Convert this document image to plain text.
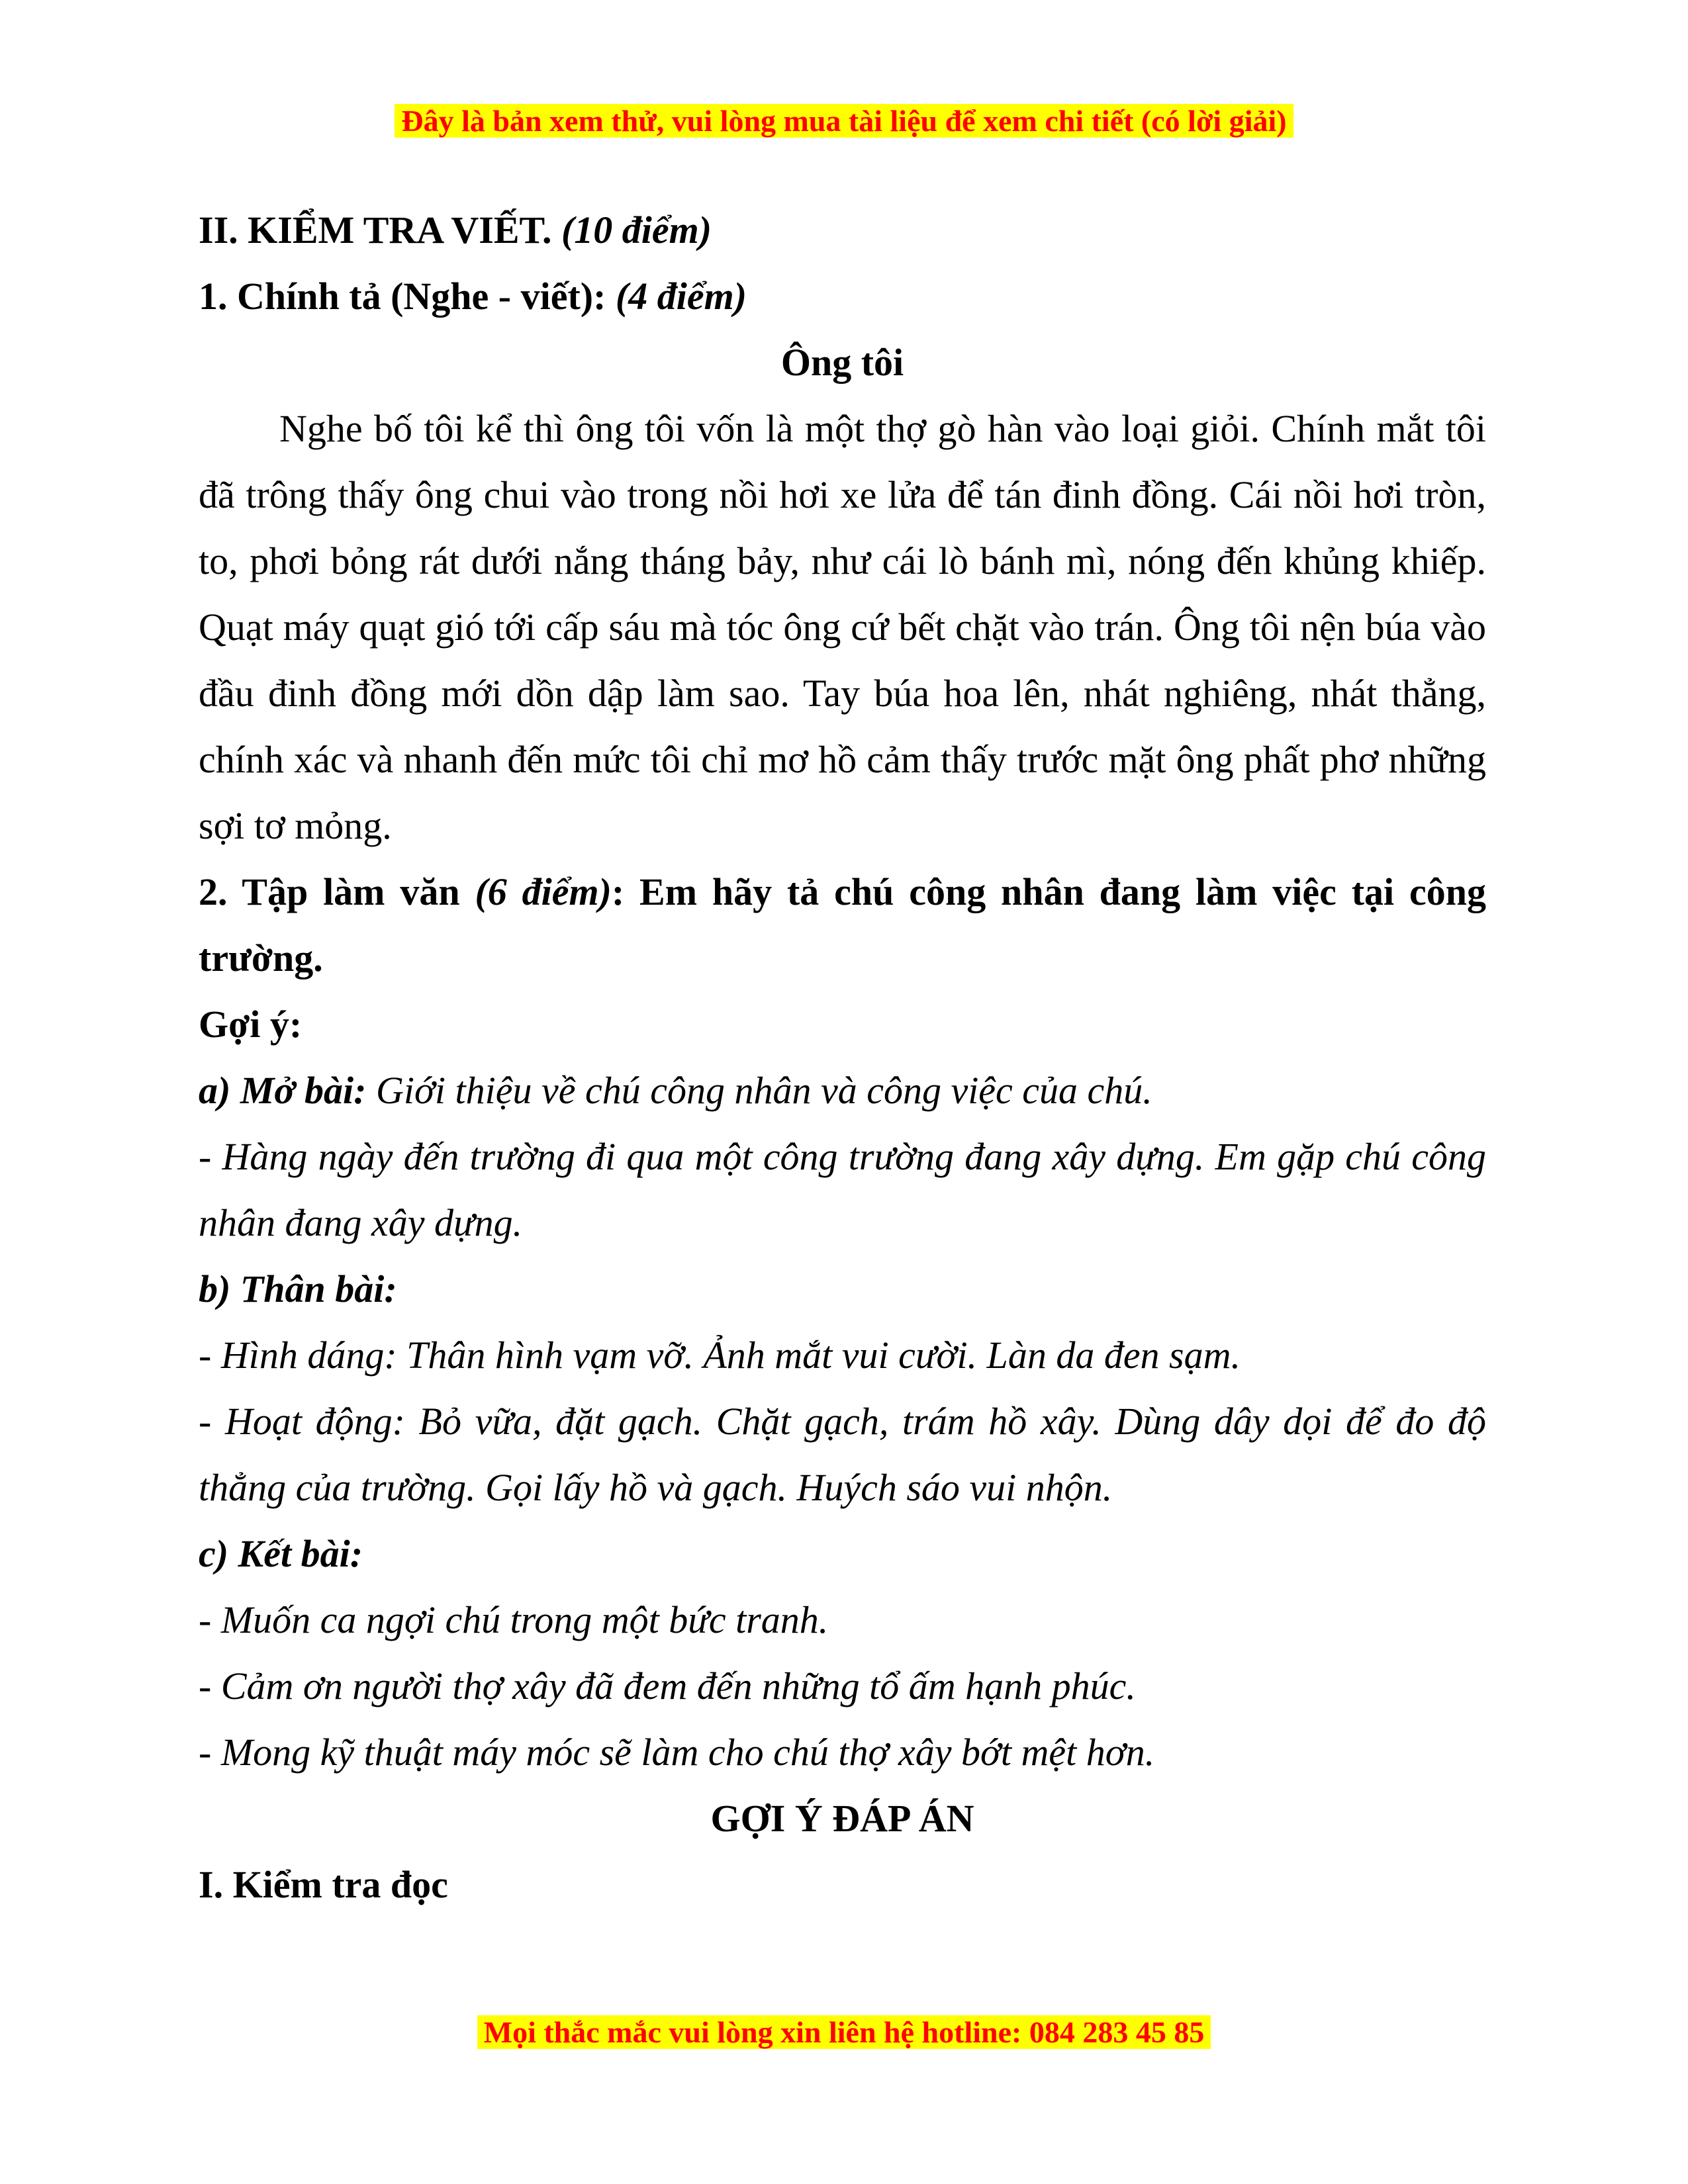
Đây là bản xem thử, vui lòng mua tài liệu để xem chi tiết (có lời giải)

II. KIỂM TRA VIẾT. (10 điểm)

1. Chính tả (Nghe - viết): (4 điểm)

Ông tôi

Nghe bố tôi kể thì ông tôi vốn là một thợ gò hàn vào loại giỏi. Chính mắt tôi đã trông thấy ông chui vào trong nồi hơi xe lửa để tán đinh đồng. Cái nồi hơi tròn, to, phơi bỏng rát dưới nắng tháng bảy, như cái lò bánh mì, nóng đến khủng khiếp. Quạt máy quạt gió tới cấp sáu mà tóc ông cứ bết chặt vào trán. Ông tôi nện búa vào đầu đinh đồng mới dồn dập làm sao. Tay búa hoa lên, nhát nghiêng, nhát thẳng, chính xác và nhanh đến mức tôi chỉ mơ hồ cảm thấy trước mặt ông phất phơ những sợi tơ mỏng.

2. Tập làm văn (6 điểm): Em hãy tả chú công nhân đang làm việc tại công trường.

Gợi ý:

a) Mở bài: Giới thiệu về chú công nhân và công việc của chú.

- Hàng ngày đến trường đi qua một công trường đang xây dựng. Em gặp chú công nhân đang xây dựng.

b) Thân bài:

- Hình dáng: Thân hình vạm vỡ. Ảnh mắt vui cười. Làn da đen sạm.

- Hoạt động: Bỏ vữa, đặt gạch. Chặt gạch, trám hồ xây. Dùng dây dọi để đo độ thẳng của trường. Gọi lấy hồ và gạch. Huých sáo vui nhộn.

c) Kết bài:

- Muốn ca ngợi chú trong một bức tranh.

- Cảm ơn người thợ xây đã đem đến những tổ ấm hạnh phúc.

- Mong kỹ thuật máy móc sẽ làm cho chú thợ xây bớt mệt hơn.

GỢI Ý ĐÁP ÁN

I. Kiểm tra đọc

Mọi thắc mắc vui lòng xin liên hệ hotline: 084 283 45 85
